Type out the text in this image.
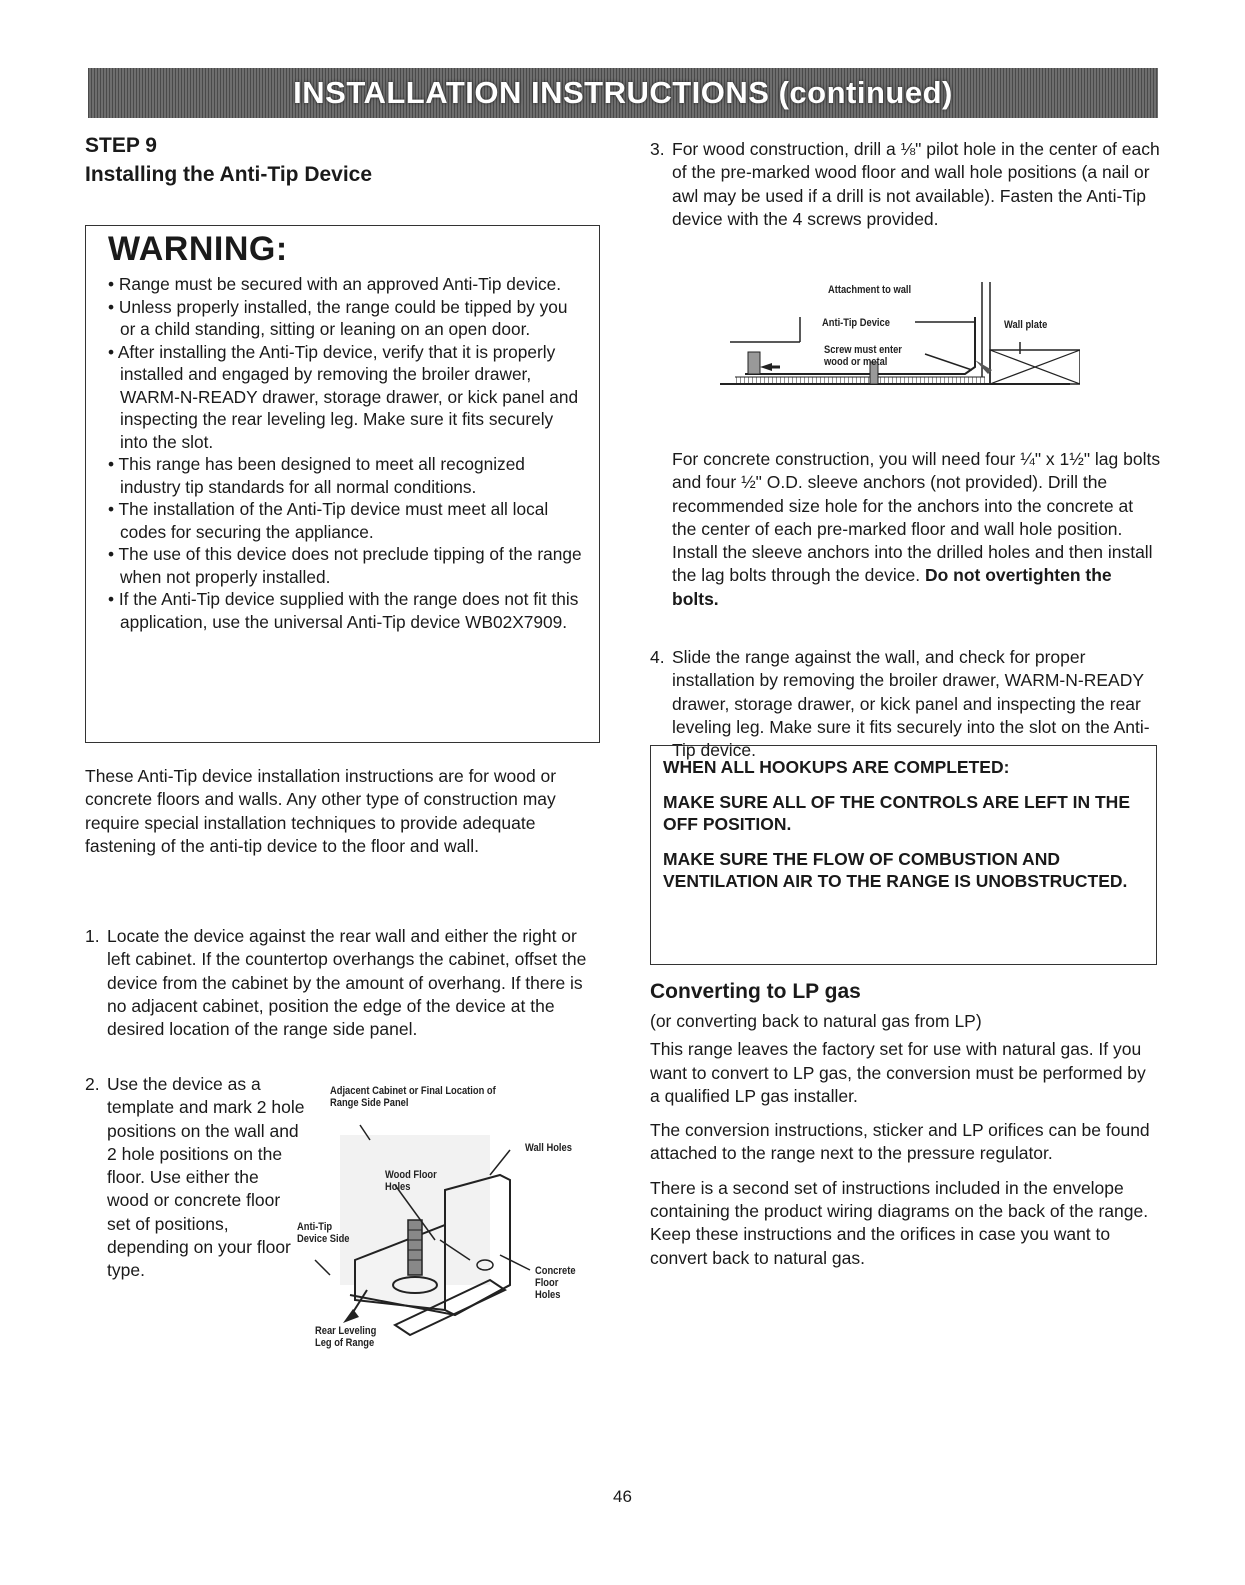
INSTALLATION INSTRUCTIONS (continued)

STEP 9

Installing the Anti-Tip Device

WARNING:
• Range must be secured with an approved Anti-Tip device.
• Unless properly installed, the range could be tipped by you or a child standing, sitting or leaning on an open door.
• After installing the Anti-Tip device, verify that it is properly installed and engaged by removing the broiler drawer, WARM-N-READY drawer, storage drawer, or kick panel and inspecting the rear leveling leg. Make sure it fits securely into the slot.
• This range has been designed to meet all recognized industry tip standards for all normal conditions.
• The installation of the Anti-Tip device must meet all local codes for securing the appliance.
• The use of this device does not preclude tipping of the range when not properly installed.
• If the Anti-Tip device supplied with the range does not fit this application, use the universal Anti-Tip device WB02X7909.

These Anti-Tip device installation instructions are for wood or concrete floors and walls. Any other type of construction may require special installation techniques to provide adequate fastening of the anti-tip device to the floor and wall.

1. Locate the device against the rear wall and either the right or left cabinet. If the countertop overhangs the cabinet, offset the device from the cabinet by the amount of overhang. If there is no adjacent cabinet, position the edge of the device at the desired location of the range side panel.
2. Use the device as a template and mark 2 hole positions on the wall and 2 hole positions on the floor. Use either the wood or concrete floor set of positions, depending on your floor type.
Adjacent Cabinet or Final Location of Range Side Panel
Wall Holes
Wood Floor Holes
Anti-Tip Device Side
Concrete Floor Holes
Rear Leveling Leg of Range
3. For wood construction, drill a ⅛" pilot hole in the center of each of the pre-marked wood floor and wall hole positions (a nail or awl may be used if a drill is not available). Fasten the Anti-Tip device with the 4 screws provided.
Attachment to wall
Anti-Tip Device	Wall plate
Screw must enter wood or metal
For concrete construction, you will need four ¼" x 1½" lag bolts and four ½" O.D. sleeve anchors (not provided). Drill the recommended size hole for the anchors into the concrete at the center of each pre-marked floor and wall hole position. Install the sleeve anchors into the drilled holes and then install the lag bolts through the device. Do not overtighten the bolts.
4. Slide the range against the wall, and check for proper installation by removing the broiler drawer, WARM-N-READY drawer, storage drawer, or kick panel and inspecting the rear leveling leg. Make sure it fits securely into the slot on the Anti-Tip device.

WHEN ALL HOOKUPS ARE COMPLETED:

MAKE SURE ALL OF THE CONTROLS ARE LEFT IN THE OFF POSITION.

MAKE SURE THE FLOW OF COMBUSTION AND VENTILATION AIR TO THE RANGE IS UNOBSTRUCTED.

Converting to LP gas

(or converting back to natural gas from LP)

This range leaves the factory set for use with natural gas. If you want to convert to LP gas, the conversion must be performed by a qualified LP gas installer.

The conversion instructions, sticker and LP orifices can be found attached to the range next to the pressure regulator.

There is a second set of instructions included in the envelope containing the product wiring diagrams on the back of the range. Keep these instructions and the orifices in case you want to convert back to natural gas.

46
